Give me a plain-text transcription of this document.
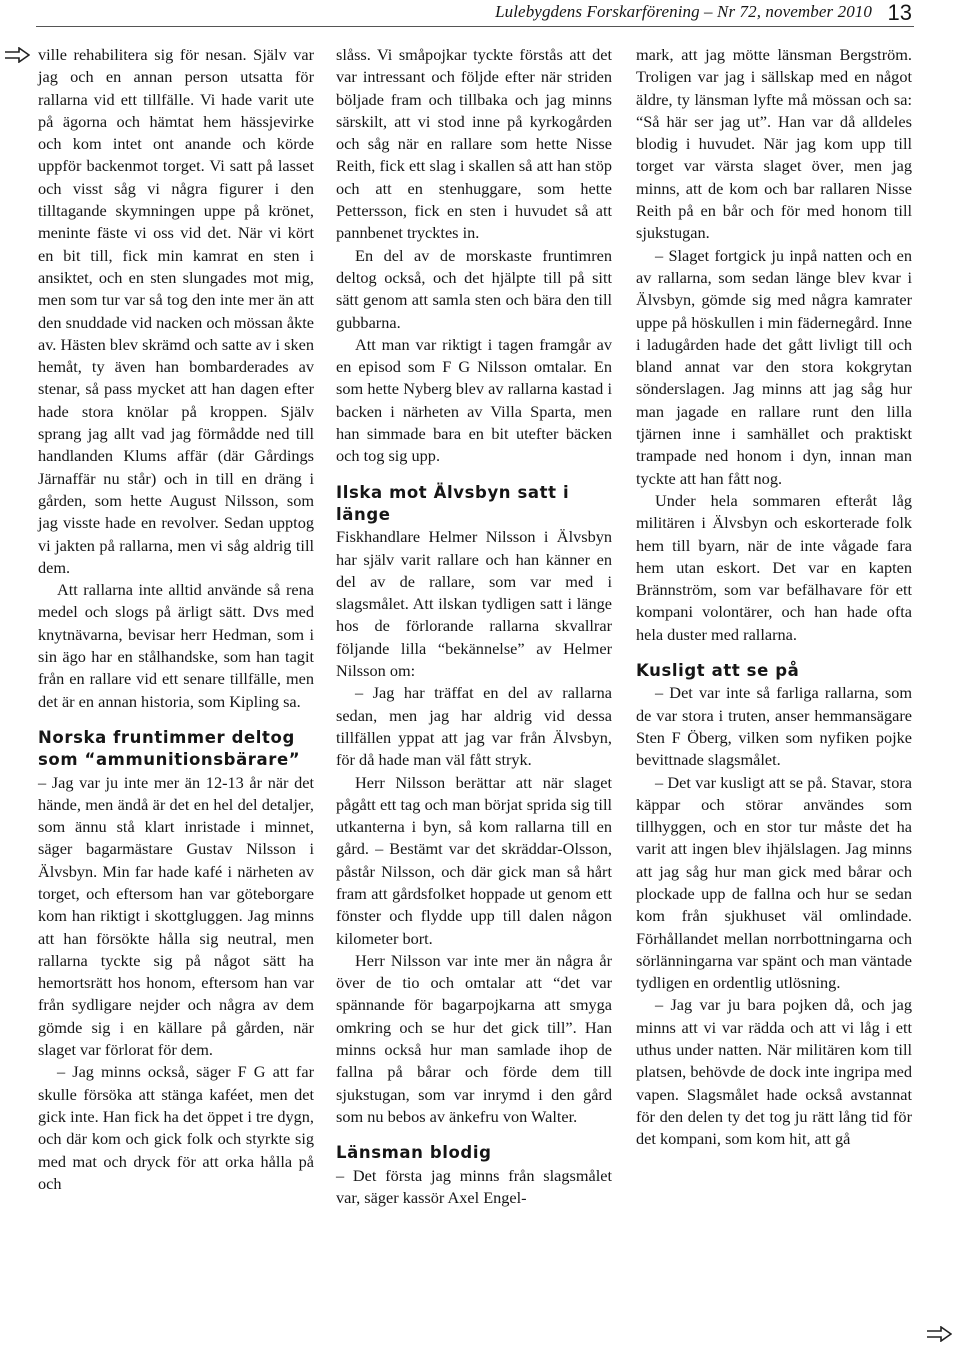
Lulebygdens Forskarförening – Nr 72, november 2010 13

ville rehabilitera sig för nesan. Själv var jag och en annan person utsatta för rallarna vid ett tillfälle. Vi hade varit ute på ägorna och hämtat hem hässjevirke och kom intet ont anande och körde uppför backenmot torget. Vi satt på lasset och visst såg vi några figurer i den tilltagande skymningen uppe på krönet, meninte fäste vi oss vid det. När vi kört en bit till, fick min kamrat en sten i ansiktet, och en sten slungades mot mig, men som tur var så tog den inte mer än att den snuddade vid nacken och mössan åkte av. Hästen blev skrämd och satte av i sken hemåt, ty även han bombarderades av stenar, så pass mycket att han dagen efter hade stora knölar på kroppen. Själv sprang jag allt vad jag förmådde ned till handlanden Klums affär (där Gårdings Järnaffär nu står) och in till en dräng i gården, som hette August Nilsson, som jag visste hade en revolver. Sedan upptog vi jakten på rallarna, men vi såg aldrig till dem.

Att rallarna inte alltid använde så rena medel och slogs på ärligt sätt. Dvs med knytnävarna, bevisar herr Hedman, som i sin ägo har en stålhandske, som han tagit från en rallare vid ett senare tillfälle, men det är en annan historia, som Kipling sa.

Norska fruntimmer deltog som “ammunitionsbärare”

– Jag var ju inte mer än 12-13 år när det hände, men ändå är det en hel del detaljer, som ännu stå klart inristade i minnet, säger bagarmästare Gustav Nilsson i Älvsbyn. Min far hade kafé i närheten av torget, och eftersom han var göteborgare kom han riktigt i skottgluggen. Jag minns att han försökte hålla sig neutral, men rallarna tyckte sig på något sätt ha hemortsrätt hos honom, eftersom han var från sydligare nejder och några av dem gömde sig i en källare på gården, när slaget var förlorat för dem.

– Jag minns också, säger F G att far skulle försöka att stänga kaféet, men det gick inte. Han fick ha det öppet i tre dygn, och där kom och gick folk och styrkte sig med mat och dryck för att orka hålla på och

slåss. Vi småpojkar tyckte förstås att det var intressant och följde efter när striden böljade fram och tillbaka och jag minns särskilt, att vi stod inne på kyrkogården och såg när en rallare som hette Nisse Reith, fick ett slag i skallen så att han stöp och att en stenhuggare, som hette Pettersson, fick en sten i huvudet så att pannbenet trycktes in.

En del av de morskaste fruntimren deltog också, och det hjälpte till på sitt sätt genom att samla sten och bära den till gubbarna.

Att man var riktigt i tagen framgår av en episod som F G Nilsson omtalar. En som hette Nyberg blev av rallarna kastad i backen i närheten av Villa Sparta, men han simmade bara en bit utefter bäcken och tog sig upp.

Ilska mot Älvsbyn satt i länge

Fiskhandlare Helmer Nilsson i Älvsbyn har själv varit rallare och han känner en del av de rallare, som var med i slagsmålet. Att ilskan tydligen satt i länge hos de förlorande rallarna skvallrar följande lilla “bekännelse” av Helmer Nilsson om:

– Jag har träffat en del av rallarna sedan, men jag har aldrig vid dessa tillfällen yppat att jag var från Älvsbyn, för då hade man väl fått stryk.

Herr Nilsson berättar att när slaget pågått ett tag och man börjat sprida sig till utkanterna i byn, så kom rallarna till en gård. – Bestämt var det skräddar-Olsson, påstår Nilsson, och där gick man så hårt fram att gårdsfolket hoppade ut genom ett fönster och flydde upp till dalen någon kilometer bort.

Herr Nilsson var inte mer än några år över de tio och omtalar att “det var spännande för bagarpojkarna att smyga omkring och se hur det gick till”. Han minns också hur man samlade ihop de fallna på bårar och förde dem till sjukstugan, som var inrymd i den gård som nu bebos av änkefru von Walter.

Länsman blodig

– Det första jag minns från slagsmålet var, säger kassör Axel Engel-

mark, att jag mötte länsman Bergström. Troligen var jag i sällskap med en något äldre, ty länsman lyfte må mössan och sa: “Så här ser jag ut”. Han var då alldeles blodig i huvudet. När jag kom upp till torget var värsta slaget över, men jag minns, att de kom och bar rallaren Nisse Reith på en bår och för med honom till sjukstugan.

– Slaget fortgick ju inpå natten och en av rallarna, som sedan länge blev kvar i Älvsbyn, gömde sig med några kamrater uppe på höskullen i min fädernegård. Inne i ladugården hade det gått livligt till och bland annat var den stora kokgrytan sönderslagen. Jag minns att jag såg hur man jagade en rallare runt den lilla tjärnen inne i samhället och praktiskt trampade ned honom i dyn, innan man tyckte att han fått nog.

Under hela sommaren efteråt låg militären i Älvsbyn och eskorterade folk hem till byarn, när de inte vågade fara hem utan eskort. Det var en kapten Brännström, som var befälhavare för ett kompani volontärer, och han hade ofta hela duster med rallarna.

Kusligt att se på

– Det var inte så farliga rallarna, som de var stora i truten, anser hemmansägare Sten F Öberg, vilken som nyfiken pojke bevittnade slagsmålet.

– Det var kusligt att se på. Stavar, stora käppar och störar användes som tillhyggen, och en stor tur måste det ha varit att ingen blev ihjälslagen. Jag minns att jag såg hur man gick med bårar och plockade upp de fallna och hur se sedan kom från sjukhuset väl omlindade. Förhållandet mellan norrbottningarna och sörlänningarna var spänt och man väntade tydligen en ordentlig utlösning.

– Jag var ju bara pojken då, och jag minns att vi var rädda och att vi låg i ett uthus under natten. När militären kom till platsen, behövde de dock inte ingripa med vapen. Slagsmålet hade också avstannat för den delen ty det tog ju rätt lång tid för det kompani, som kom hit, att gå
